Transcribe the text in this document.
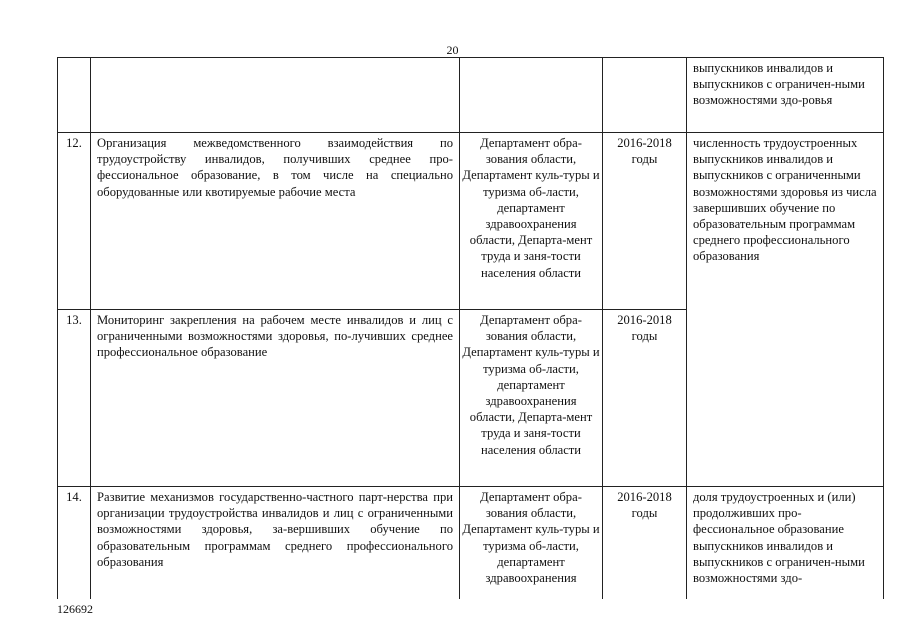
20
				выпускников инвалидов и выпускников с ограничен-ными возможностями здо-ровья
12.	Организация межведомственного взаимодействия по трудоустройству инвалидов, получивших среднее про-фессиональное образование, в том числе на специально оборудованные или квотируемые рабочие места	Департамент обра-зования области, Департамент куль-туры и туризма об-ласти, департамент здравоохранения области, Департа-мент труда и заня-тости населения области	2016-2018 годы	численность трудоустроенных выпускников инвалидов и выпускников с ограниченными возможностями здоровья из числа завершивших обучение по образовательным программам среднего профессионального образования
13.	Мониторинг закрепления на рабочем месте инвалидов и лиц с ограниченными возможностями здоровья, по-лучивших среднее профессиональное образование	Департамент обра-зования области, Департамент куль-туры и туризма об-ласти, департамент здравоохранения области, Департа-мент труда и заня-тости населения области	2016-2018 годы	
14.	Развитие механизмов государственно-частного парт-нерства при организации трудоустройства инвалидов и лиц с ограниченными возможностями здоровья, за-вершивших обучение по образовательным программам среднего профессионального образования	Департамент обра-зования области, Департамент куль-туры и туризма об-ласти, департамент здравоохранения	2016-2018 годы	доля трудоустроенных и (или) продолживших про-фессиональное образование выпускников инвалидов и выпускников с ограничен-ными возможностями здо-
126692
